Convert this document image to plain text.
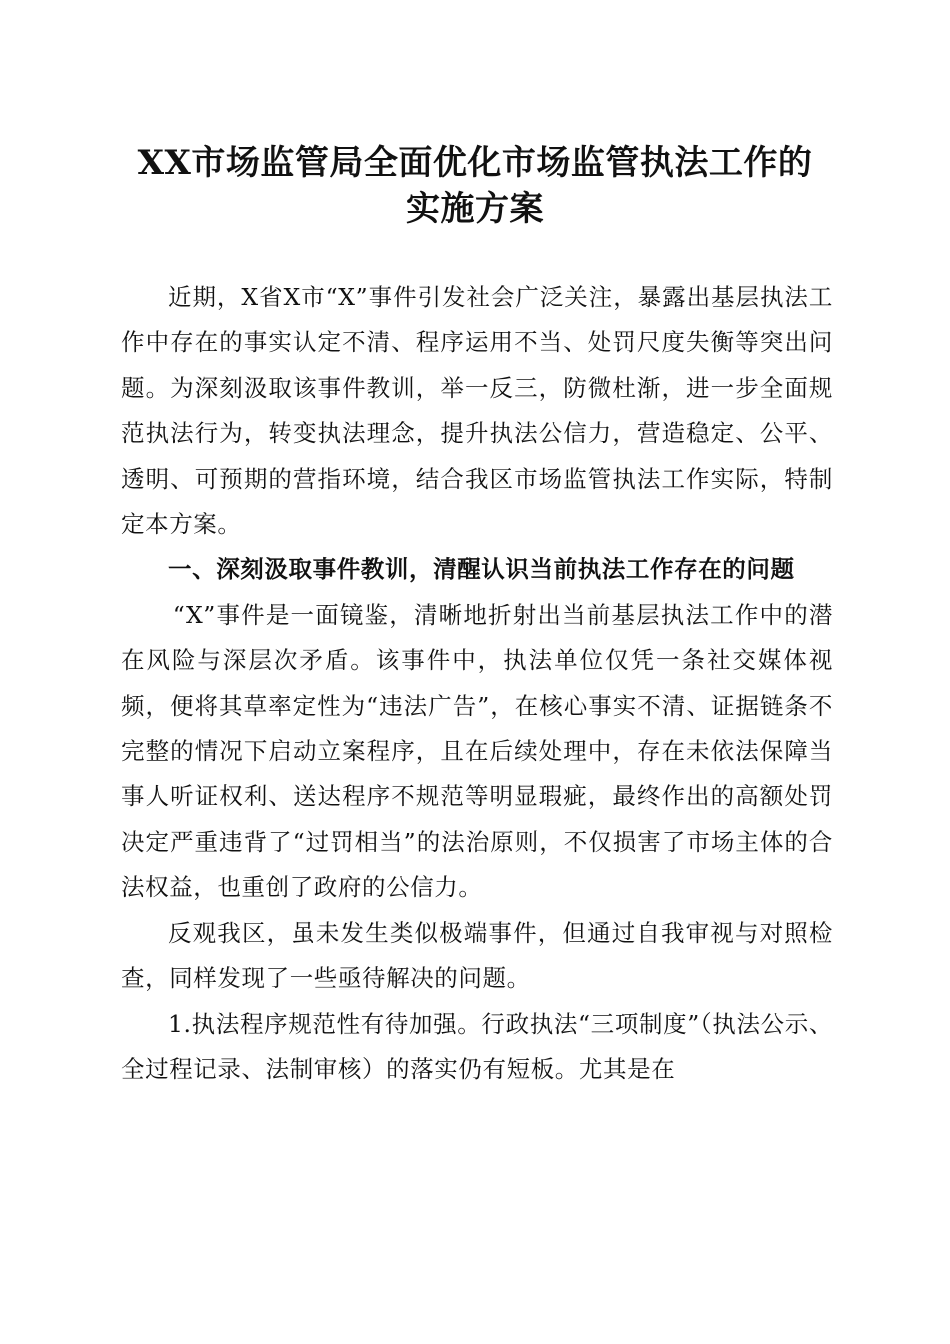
XX市场监管局全面优化市场监管执法工作的
实施方案

近期，X省X市“X”事件引发社会广泛关注，暴露出基层执法工作中存在的事实认定不清、程序运用不当、处罚尺度失衡等突出问题。为深刻汲取该事件教训，举一反三，防微杜渐，进一步全面规范执法行为，转变执法理念，提升执法公信力，营造稳定、公平、透明、可预期的营指环境，结合我区市场监管执法工作实际，特制定本方案。

一、深刻汲取事件教训，清醒认识当前执法工作存在的问题

“X”事件是一面镜鉴，清晰地折射出当前基层执法工作中的潜在风险与深层次矛盾。该事件中，执法单位仅凭一条社交媒体视频，便将其草率定性为“违法广告”，在核心事实不清、证据链条不完整的情况下启动立案程序，且在后续处理中，存在未依法保障当事人听证权利、送达程序不规范等明显瑕疵，最终作出的高额处罚决定严重违背了“过罚相当”的法治原则，不仅损害了市场主体的合法权益，也重创了政府的公信力。

反观我区，虽未发生类似极端事件，但通过自我审视与对照检查，同样发现了一些亟待解决的问题。

1.执法程序规范性有待加强。行政执法“三项制度”（执法公示、全过程记录、法制审核）的落实仍有短板。尤其是在
